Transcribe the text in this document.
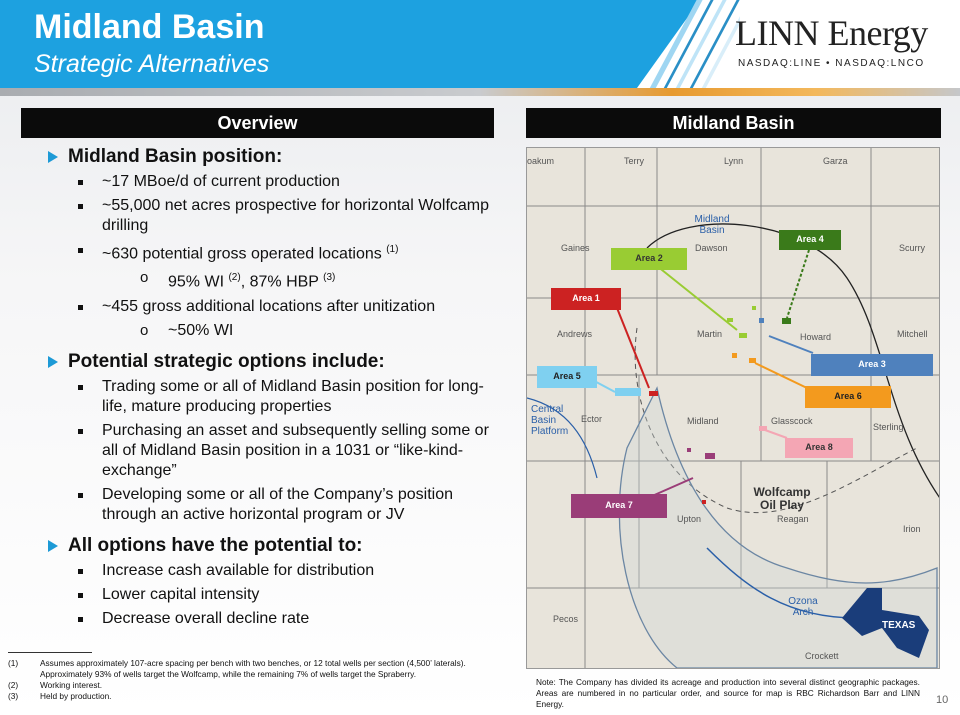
Midland Basin
Strategic Alternatives
LINN Energy
NASDAQ:LINE • NASDAQ:LNCO
Overview	Midland Basin
Midland Basin position:
~17 MBoe/d of current production
~55,000 net acres prospective for horizontal Wolfcamp drilling
~630 potential gross operated locations $^{(1)}$
o 95% WI $^{(2)}$, 87% HBP $^{(3)}$
~455 gross additional locations after unitization
o ~50% WI
Potential strategic options include:
Trading some or all of Midland Basin position for long-life, mature producing properties
Purchasing an asset and subsequently selling some or all of Midland Basin position in a 1031 or “like-kind-exchange”
Developing some or all of the Company’s position through an active horizontal program or JV
All options have the potential to:
Increase cash available for distribution
Lower capital intensity
Decrease overall decline rate
(1)	Assumes approximately 107-acre spacing per bench with two benches, or 12 total wells per section (4,500’ laterals). Approximately 93% of wells target the Wolfcamp, while the remaining 7% of wells target the Spraberry.
(2)	Working interest.
(3)	Held by production.
oakum	Terry	Lynn	Garza
Gaines	Dawson	Scurry
Andrews	Martin	Howard	Mitchell
Ector	Midland	Glasscock
Sterling
Upton	Reagan
Irion
Pecos
Crockett
Midland Basin
Central Basin Platform
Wolfcamp Oil Play
Ozona Arch
TEXAS
Area 1
Area 2
Area 3
Area 4
Area 5
Area 6
Area 8
Area 7
Note: The Company has divided its acreage and production into several distinct geographic packages. Areas are numbered in no particular order, and source for map is RBC Richardson Barr and LINN Energy.	10
